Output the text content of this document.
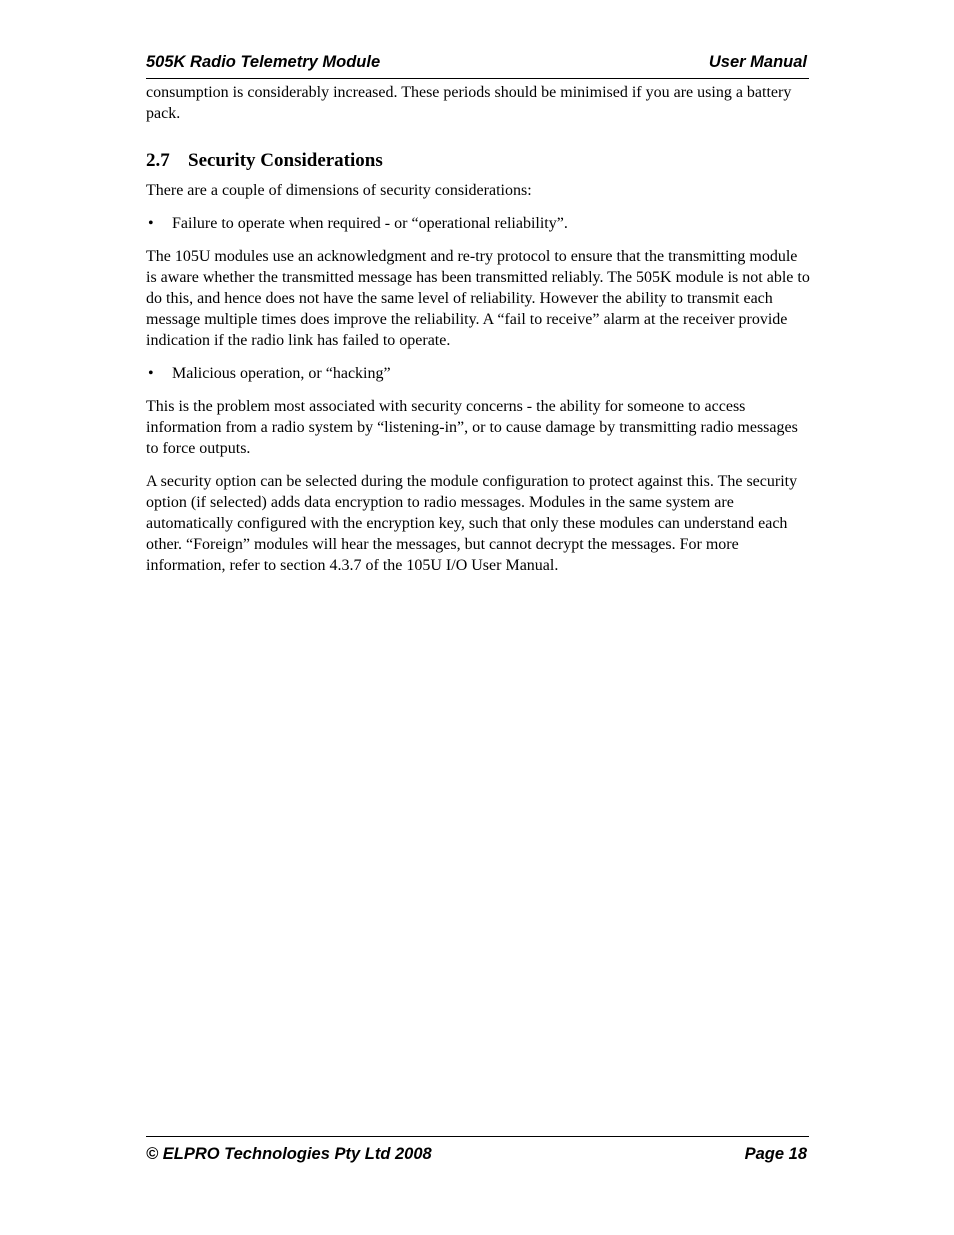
505K Radio Telemetry Module	User Manual

consumption is considerably increased. These periods should be minimised if you are using a battery pack.

2.7 Security Considerations

There are a couple of dimensions of security considerations:

• Failure to operate when required - or “operational reliability”.

The 105U modules use an acknowledgment and re-try protocol to ensure that the transmitting module is aware whether the transmitted message has been transmitted reliably. The 505K module is not able to do this, and hence does not have the same level of reliability. However the ability to transmit each message multiple times does improve the reliability. A “fail to receive” alarm at the receiver provide indication if the radio link has failed to operate.

• Malicious operation, or “hacking”

This is the problem most associated with security concerns - the ability for someone to access information from a radio system by “listening-in”, or to cause damage by transmitting radio messages to force outputs.

A security option can be selected during the module configuration to protect against this. The security option (if selected) adds data encryption to radio messages. Modules in the same system are automatically configured with the encryption key, such that only these modules can understand each other. “Foreign” modules will hear the messages, but cannot decrypt the messages. For more information, refer to section 4.3.7 of the 105U I/O User Manual.

© ELPRO Technologies Pty Ltd 2008	Page 18
